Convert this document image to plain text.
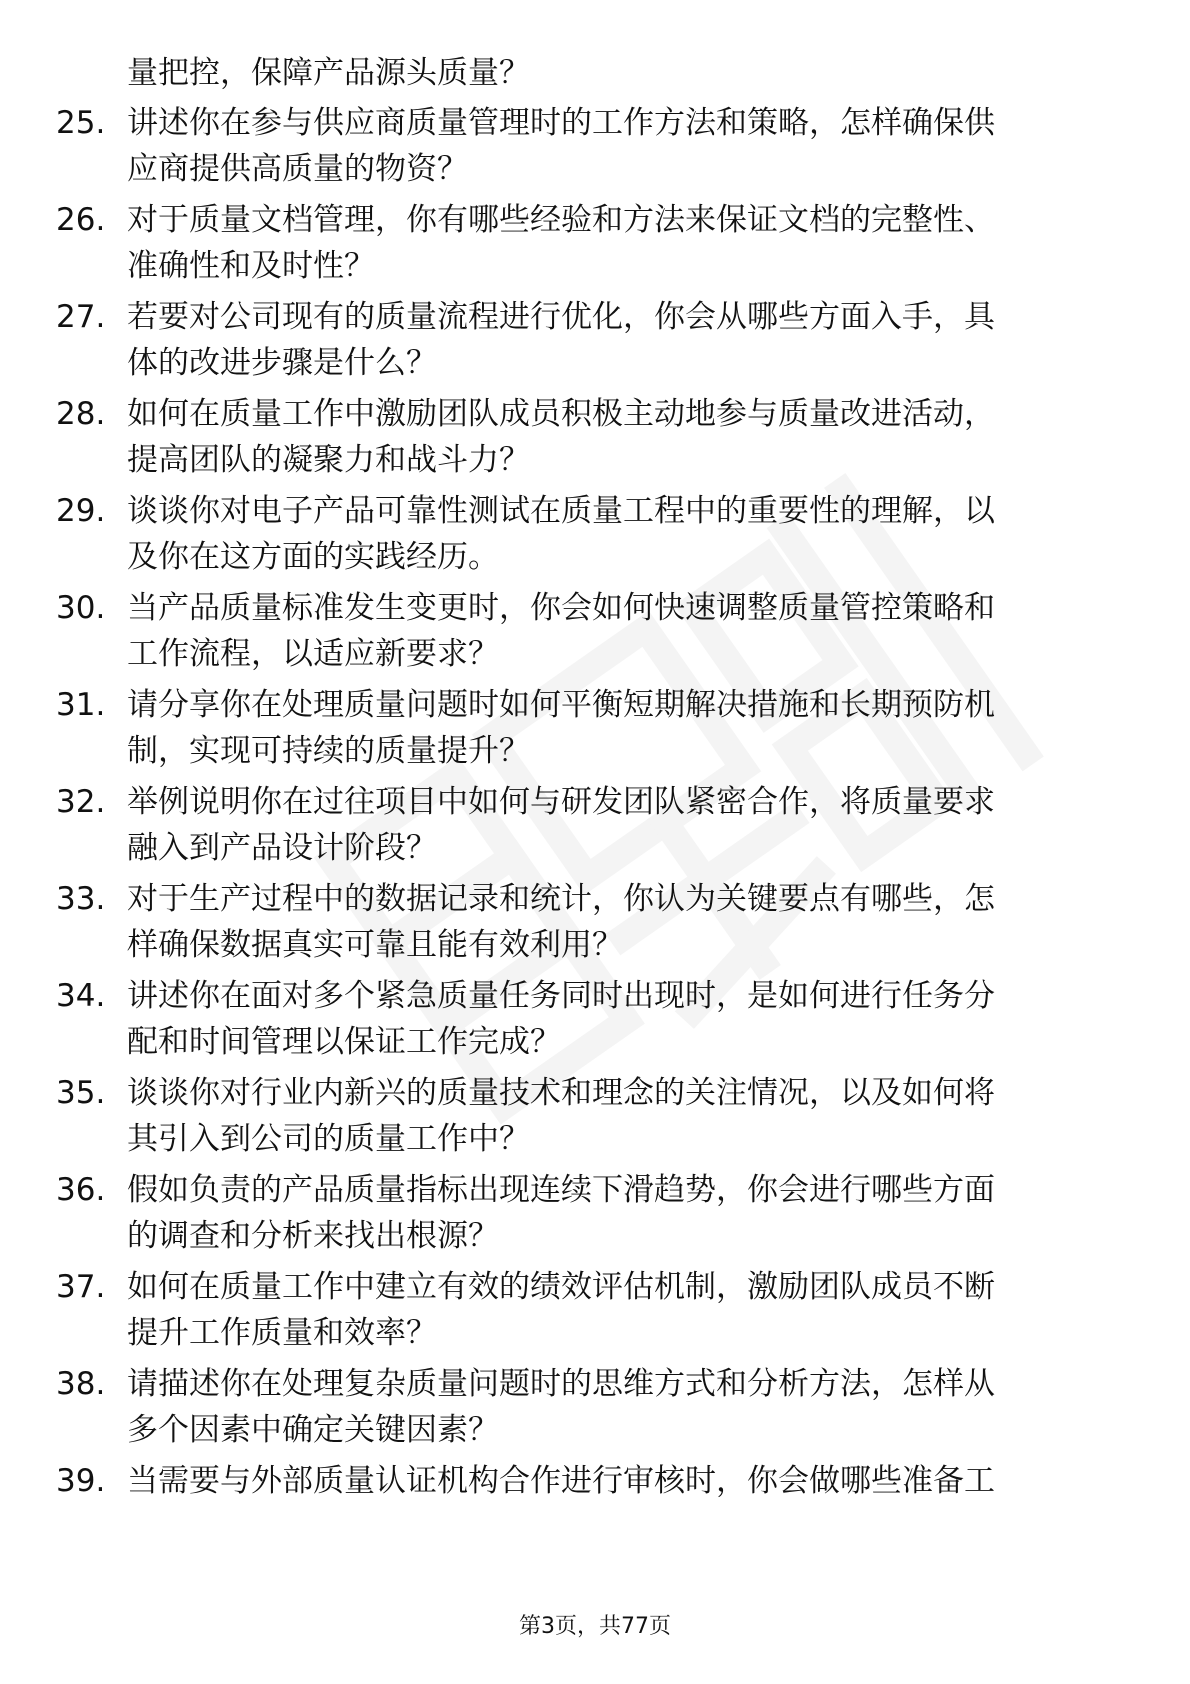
量把控，保障产品源头质量？
25. 讲述你在参与供应商质量管理时的工作方法和策略，怎样确保供
应商提供高质量的物资？
26. 对于质量文档管理，你有哪些经验和方法来保证文档的完整性、
准确性和及时性？
27. 若要对公司现有的质量流程进行优化，你会从哪些方面入手，具
体的改进步骤是什么？
28. 如何在质量工作中激励团队成员积极主动地参与质量改进活动，
提高团队的凝聚力和战斗力？
29. 谈谈你对电子产品可靠性测试在质量工程中的重要性的理解，以
及你在这方面的实践经历。
30. 当产品质量标准发生变更时，你会如何快速调整质量管控策略和
工作流程，以适应新要求？
31. 请分享你在处理质量问题时如何平衡短期解决措施和长期预防机
制，实现可持续的质量提升？
32. 举例说明你在过往项目中如何与研发团队紧密合作，将质量要求
融入到产品设计阶段？
33. 对于生产过程中的数据记录和统计，你认为关键要点有哪些，怎
样确保数据真实可靠且能有效利用？
34. 讲述你在面对多个紧急质量任务同时出现时，是如何进行任务分
配和时间管理以保证工作完成？
35. 谈谈你对行业内新兴的质量技术和理念的关注情况，以及如何将
其引入到公司的质量工作中？
36. 假如负责的产品质量指标出现连续下滑趋势，你会进行哪些方面
的调查和分析来找出根源？
37. 如何在质量工作中建立有效的绩效评估机制，激励团队成员不断
提升工作质量和效率？
38. 请描述你在处理复杂质量问题时的思维方式和分析方法，怎样从
多个因素中确定关键因素？
39. 当需要与外部质量认证机构合作进行审核时，你会做哪些准备工
第3页，共77页
